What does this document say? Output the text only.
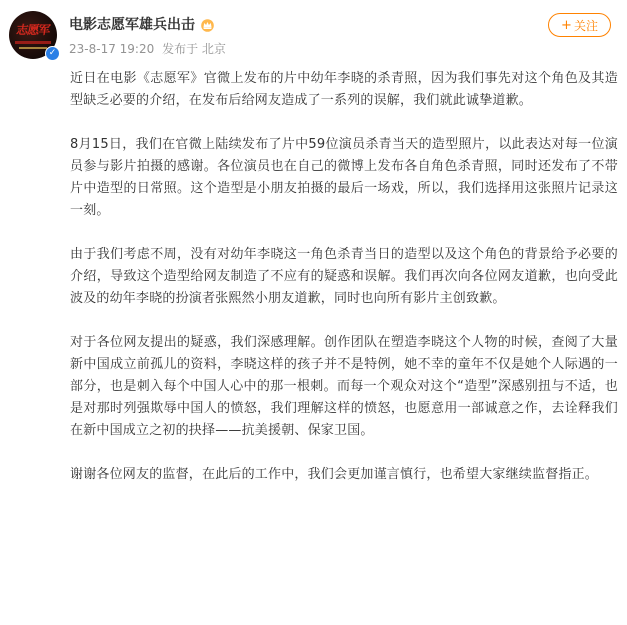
志愿军
✓
电影志愿军雄兵出击
23-8-17 19:20 发布于 北京
+ 关注

近日在电影《志愿军》官微上发布的片中幼年李晓的杀青照，因为我们事先对这个角色及其造型缺乏必要的介绍，在发布后给网友造成了一系列的误解，我们就此诚挚道歉。

8月15日，我们在官微上陆续发布了片中59位演员杀青当天的造型照片，以此表达对每一位演员参与影片拍摄的感谢。各位演员也在自己的微博上发布各自角色杀青照，同时还发布了不带片中造型的日常照。这个造型是小朋友拍摄的最后一场戏，所以，我们选择用这张照片记录这一刻。

由于我们考虑不周，没有对幼年李晓这一角色杀青当日的造型以及这个角色的背景给予必要的介绍，导致这个造型给网友制造了不应有的疑惑和误解。我们再次向各位网友道歉，也向受此波及的幼年李晓的扮演者张熙然小朋友道歉，同时也向所有影片主创致歉。

对于各位网友提出的疑惑，我们深感理解。创作团队在塑造李晓这个人物的时候，查阅了大量新中国成立前孤儿的资料，李晓这样的孩子并不是特例，她不幸的童年不仅是她个人际遇的一部分，也是刺入每个中国人心中的那一根刺。而每一个观众对这个“造型”深感别扭与不适，也是对那时列强欺辱中国人的愤怒，我们理解这样的愤怒，也愿意用一部诚意之作，去诠释我们在新中国成立之初的抉择——抗美援朝、保家卫国。

谢谢各位网友的监督，在此后的工作中，我们会更加谨言慎行，也希望大家继续监督指正。
